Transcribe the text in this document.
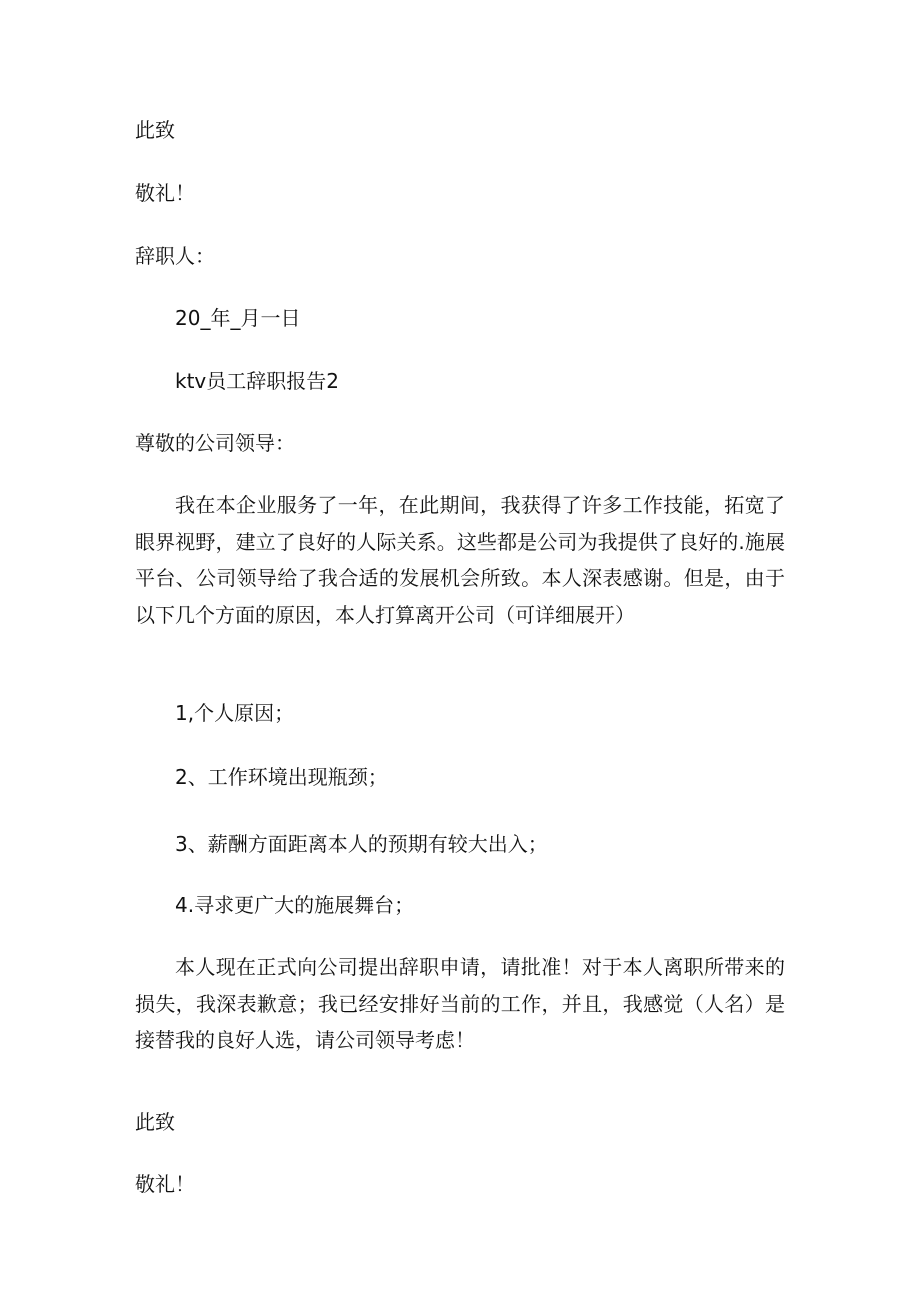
此致
敬礼！
辞职人：
20_年_月一日
ktv员工辞职报告2
尊敬的公司领导：
我在本企业服务了一年，在此期间，我获得了许多工作技能，拓宽了眼界视野，建立了良好的人际关系。这些都是公司为我提供了良好的.施展平台、公司领导给了我合适的发展机会所致。本人深表感谢。但是，由于以下几个方面的原因，本人打算离开公司（可详细展开）
1,个人原因；
2、工作环境出现瓶颈；
3、薪酬方面距离本人的预期有较大出入；
4.寻求更广大的施展舞台；
本人现在正式向公司提出辞职申请，请批准！对于本人离职所带来的损失，我深表歉意；我已经安排好当前的工作，并且，我感觉（人名）是接替我的良好人选，请公司领导考虑！
此致
敬礼！
